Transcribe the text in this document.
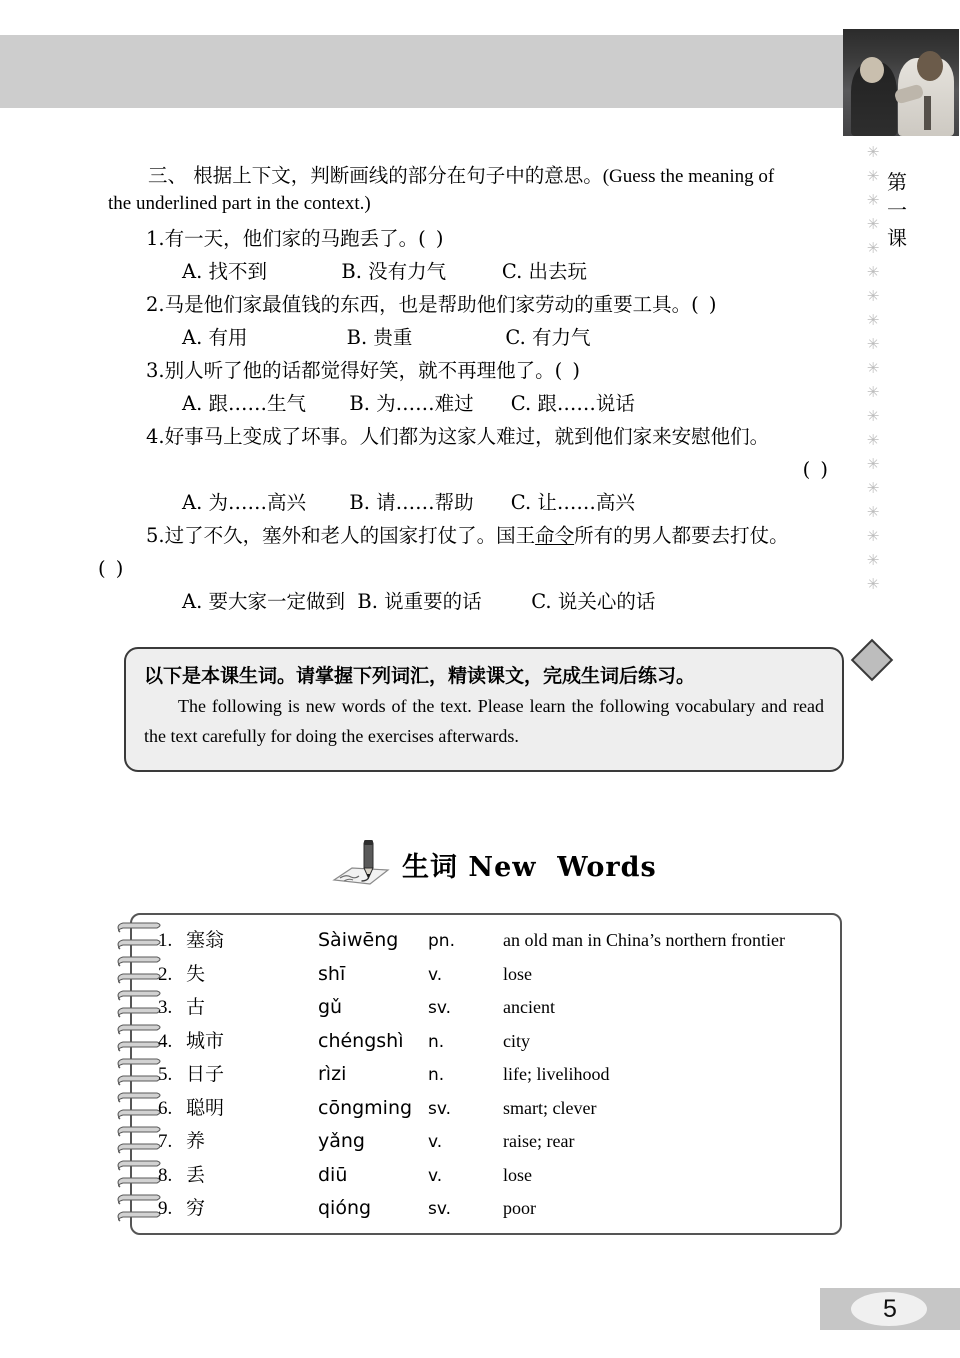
✳
✳
✳
✳
✳
✳
✳
✳
✳
✳
✳
✳
✳
✳
✳
✳
✳
✳
✳
第
一
课
三、 根据上下文，判断画线的部分在句子中的意思。(Guess the meaning of
the underlined part in the context.)
1.有一天，他们家的马跑丢了。( )
A. 找不到            B. 没有力气         C. 出去玩
2.马是他们家最值钱的东西，也是帮助他们家劳动的重要工具。( )
A. 有用                B. 贵重               C. 有力气
3.别人听了他的话都觉得好笑，就不再理他了。( )
A. 跟……生气       B. 为……难过      C. 跟……说话
4.好事马上变成了坏事。人们都为这家人难过，就到他们家来安慰他们。
( )
A. 为……高兴       B. 请……帮助      C. 让……高兴
5.过了不久，塞外和老人的国家打仗了。国王命令所有的男人都要去打仗。
( )
A. 要大家一定做到  B. 说重要的话        C. 说关心的话
以下是本课生词。请掌握下列词汇，精读课文，完成生词后练习。
The following is new words of the text. Please learn the following vocabulary and read the text carefully for doing the exercises afterwards.
生词 New  Words
1. 塞翁	Sàiwēng	pn.	an old man in China’s northern frontier
2. 失	shī	v.	lose
3. 古	gǔ	sv.	ancient
4. 城市	chéngshì	n.	city
5. 日子	rìzi	n.	life; livelihood
6. 聪明	cōngming sv.	smart; clever
7. 养	yǎng	v.	raise; rear
8. 丢	diū	v.	lose
9. 穷	qióng	sv.	poor
5
